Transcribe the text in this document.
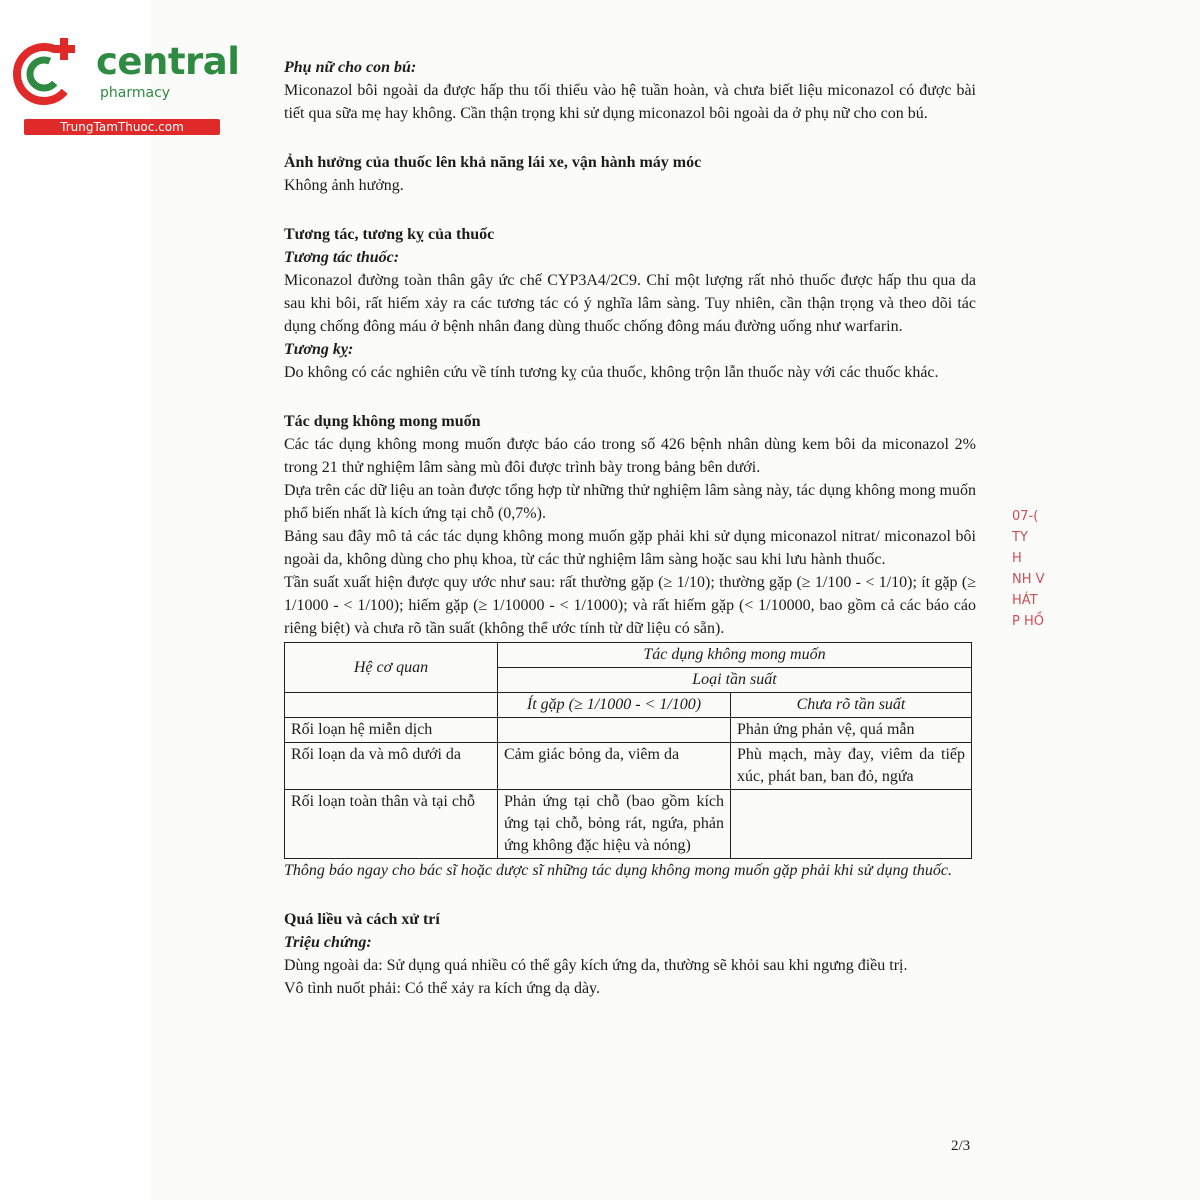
central
pharmacy
TrungTamThuoc.com

Phụ nữ cho con bú:

Miconazol bôi ngoài da được hấp thu tối thiểu vào hệ tuần hoàn, và chưa biết liệu miconazol có được bài tiết qua sữa mẹ hay không. Cần thận trọng khi sử dụng miconazol bôi ngoài da ở phụ nữ cho con bú.

Ảnh hưởng của thuốc lên khả năng lái xe, vận hành máy móc

Không ảnh hưởng.

Tương tác, tương kỵ của thuốc

Tương tác thuốc:

Miconazol đường toàn thân gây ức chế CYP3A4/2C9. Chỉ một lượng rất nhỏ thuốc được hấp thu qua da sau khi bôi, rất hiếm xảy ra các tương tác có ý nghĩa lâm sàng. Tuy nhiên, cần thận trọng và theo dõi tác dụng chống đông máu ở bệnh nhân đang dùng thuốc chống đông máu đường uống như warfarin.

Tương kỵ:

Do không có các nghiên cứu về tính tương kỵ của thuốc, không trộn lẫn thuốc này với các thuốc khác.

Tác dụng không mong muốn

Các tác dụng không mong muốn được báo cáo trong số 426 bệnh nhân dùng kem bôi da miconazol 2% trong 21 thử nghiệm lâm sàng mù đôi được trình bày trong bảng bên dưới.

Dựa trên các dữ liệu an toàn được tổng hợp từ những thử nghiệm lâm sàng này, tác dụng không mong muốn phổ biến nhất là kích ứng tại chỗ (0,7%).

Bảng sau đây mô tả các tác dụng không mong muốn gặp phải khi sử dụng miconazol nitrat/ miconazol bôi ngoài da, không dùng cho phụ khoa, từ các thử nghiệm lâm sàng hoặc sau khi lưu hành thuốc.

Tần suất xuất hiện được quy ước như sau: rất thường gặp (≥ 1/10); thường gặp (≥ 1/100 - < 1/10); ít gặp (≥ 1/1000 - < 1/100); hiếm gặp (≥ 1/10000 - < 1/1000); và rất hiếm gặp (< 1/10000, bao gồm cả các báo cáo riêng biệt) và chưa rõ tần suất (không thể ước tính từ dữ liệu có sẵn).

Hệ cơ quan	Tác dụng không mong muốn	
	Loại tần suất	
	Ít gặp (≥ 1/1000 - < 1/100)	Chưa rõ tần suất
Rối loạn hệ miễn dịch		Phản ứng phản vệ, quá mẫn
Rối loạn da và mô dưới da	Cảm giác bỏng da, viêm da	Phù mạch, mày đay, viêm da tiếp xúc, phát ban, ban đỏ, ngứa
Rối loạn toàn thân và tại chỗ	Phản ứng tại chỗ (bao gồm kích ứng tại chỗ, bỏng rát, ngứa, phản ứng không đặc hiệu và nóng)	

Thông báo ngay cho bác sĩ hoặc dược sĩ những tác dụng không mong muốn gặp phải khi sử dụng thuốc.

Quá liều và cách xử trí

Triệu chứng:

Dùng ngoài da: Sử dụng quá nhiều có thể gây kích ứng da, thường sẽ khỏi sau khi ngưng điều trị.

Vô tình nuốt phải: Có thể xảy ra kích ứng dạ dày.

07-(
TY
H
NH V
HÁT
P HỒ
2/3
